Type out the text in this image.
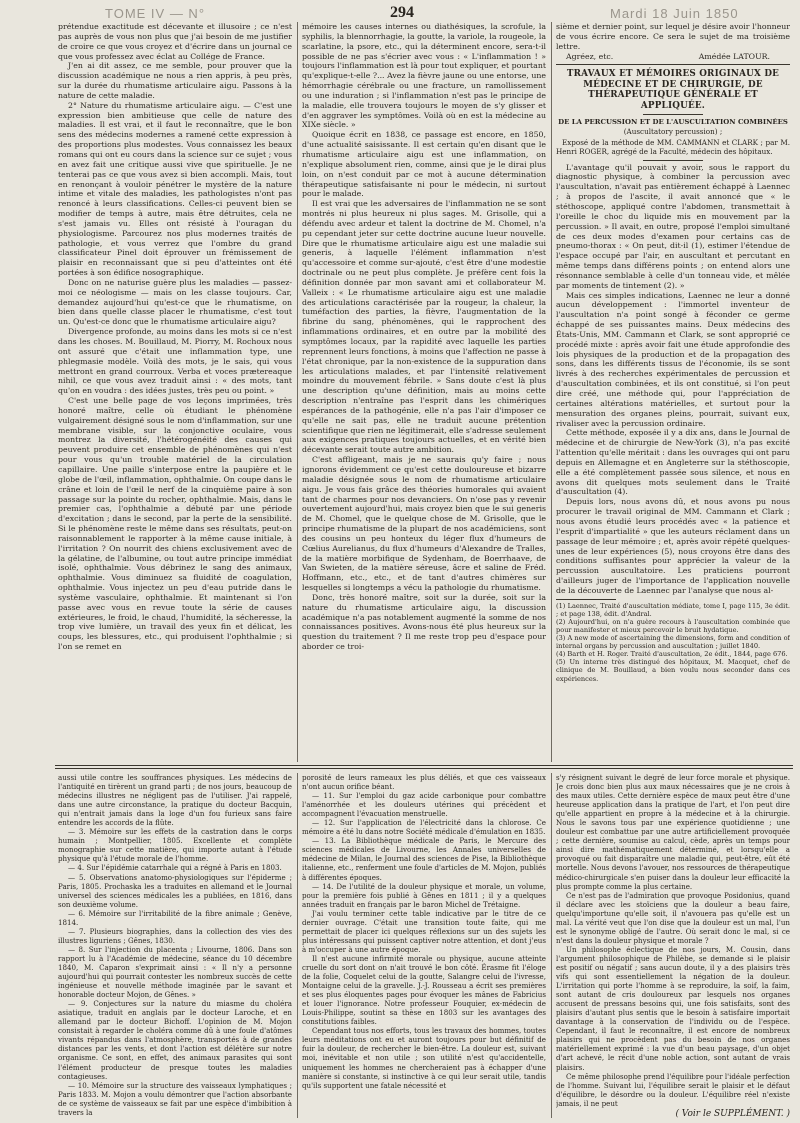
TOME IV — N°	294	Mardi 18 Juin 1850

prétendue exactitude est décevante et illusoire ; ce n'est pas auprès de vous non plus que j'ai besoin de me justifier de croire ce que vous croyez et d'écrire dans un journal ce que vous professez avec éclat au Collége de France.

J'en ai dit assez, ce me semble, pour prouver que la discussion académique ne nous a rien appris, à peu près, sur la durée du rhumatisme articulaire aigu. Passons à la nature de cette maladie.

2° Nature du rhumatisme articulaire aigu. — C'est une expression bien ambitieuse que celle de nature des maladies. Il est vrai, et il faut le reconnaître, que le bon sens des médecins modernes a ramené cette expression à des proportions plus modestes. Vous connaissez les beaux romans qui ont eu cours dans la science sur ce sujet ; vous en avez fait une critique aussi vive que spirituelle. Je ne tenterai pas ce que vous avez si bien accompli. Mais, tout en renonçant à vouloir pénétrer le mystère de la nature intime et vitale des maladies, les pathologistes n'ont pas renoncé à leurs classifications. Celles-ci peuvent bien se modifier de temps à autre, mais être détruites, cela ne s'est jamais vu. Elles ont résisté à l'ouragan du physiologisme. Parcourez nos plus modernes traités de pathologie, et vous verrez que l'ombre du grand classificateur Pinel doit éprouver un frémissement de plaisir en reconnaissant que si peu d'atteintes ont été portées à son édifice nosographique.

Donc on ne naturise guère plus les maladies — passez-moi ce néologisme — mais on les classe toujours. Car, demandez aujourd'hui qu'est-ce que le rhumatisme, on bien dans quelle classe placer le rhumatisme, c'est tout un. Qu'est-ce donc que le rhumatisme articulaire aigu?

Divergence profonde, au moins dans les mots si ce n'est dans les choses. M. Bouillaud, M. Piorry, M. Rochoux nous ont assuré que c'était une inflammation type, une phlegmasie modèle. Voilà des mots, je le sais, qui vous mettront en grand courroux. Verba et voces prætereaque nihil, ce que vous avez traduit ainsi : « des mots, tant qu'on en voudra : des idées justes, très peu ou point. »

C'est une belle page de vos leçons imprimées, très honoré maître, celle où étudiant le phénomène vulgairement désigné sous le nom d'inflammation, sur une membrane visible, sur la conjonctive oculaire, vous montrez la diversité, l'hétérogénéité des causes qui peuvent produire cet ensemble de phénomènes qui n'est pour vous qu'un trouble matériel de la circulation capillaire. Une paille s'interpose entre la paupière et le globe de l'œil, inflammation, ophthalmie. On coupe dans le crâne et loin de l'œil le nerf de la cinquième paire à son passage sur la pointe du rocher, ophthalmie. Mais, dans le premier cas, l'ophthalmie a débuté par une période d'excitation ; dans le second, par la perte de la sensibilité. Si le phénomène reste le même dans ses résultats, peut-on raisonnablement le rapporter à la même cause initiale, à l'irritation ? On nourrit des chiens exclusivement avec de la gélatine, de l'albumine, ou tout autre principe immédiat isolé, ophthalmie. Vous débrinez le sang des animaux, ophthalmie. Vous diminuez sa fluidité de coagulation, ophthalmie. Vous injectez un peu d'eau putride dans le système vasculaire, ophthalmie. Et maintenant si l'on passe avec vous en revue toute la série de causes extérieures, le froid, le chaud, l'humidité, la sécheresse, la trop vive lumière, un travail des yeux fin et délicat, les coups, les blessures, etc., qui produisent l'ophthalmie ; si l'on se remet en

mémoire les causes internes ou diathésiques, la scrofule, la syphilis, la blennorrhagie, la goutte, la variole, la rougeole, la scarlatine, la psore, etc., qui la déterminent encore, sera-t-il possible de ne pas s'écrier avec vous : « L'inflammation ! » toujours l'inflammation est là pour tout expliquer, et pourtant qu'explique-t-elle ?... Avez la fièvre jaune ou une entorse, une hémorrhagie cérébrale ou une fracture, un ramollissement ou une induration ; si l'inflammation n'est pas le principe de la maladie, elle trouvera toujours le moyen de s'y glisser et d'en aggraver les symptômes. Voilà où en est la médecine au XIXe siècle. »

Quoique écrit en 1838, ce passage est encore, en 1850, d'une actualité saisissante. Il est certain qu'en disant que le rhumatisme articulaire aigu est une inflammation, on n'explique absolument rien, comme, ainsi que je le dirai plus loin, on n'est conduit par ce mot à aucune détermination thérapeutique satisfaisante ni pour le médecin, ni surtout pour le malade.

Il est vrai que les adversaires de l'inflammation ne se sont montrés ni plus heureux ni plus sages. M. Grisolle, qui a défendu avec ardeur et talent la doctrine de M. Chomel, n'a pu cependant jeter sur cette doctrine aucune lueur nouvelle. Dire que le rhumatisme articulaire aigu est une maladie sui generis, à laquelle l'élément inflammation n'est qu'accessoire et comme sur-ajouté, c'est être d'une modestie doctrinale ou ne peut plus complète. Je préfère cent fois la définition donnée par mon savant ami et collaborateur M. Valleix : « Le rhumatisme articulaire aigu est une maladie des articulations caractérisée par la rougeur, la chaleur, la tuméfaction des parties, la fièvre, l'augmentation de la fibrine du sang, phénomènes, qui le rapprochent des inflammations ordinaires, et en outre par la mobilité des symptômes locaux, par la rapidité avec laquelle les parties reprennent leurs fonctions, à moins que l'affection ne passe à l'état chronique, par la non-existence de la suppuration dans les articulations malades, et par l'intensité relativement moindre du mouvement fébrile. » Sans doute c'est là plus une description qu'une définition, mais au moins cette description n'entraîne pas l'esprit dans les chimériques espérances de la pathogénie, elle n'a pas l'air d'imposer ce qu'elle ne sait pas, elle ne traduit aucune prétention scientifique que rien ne légitimerait, elle s'adresse seulement aux exigences pratiques toujours actuelles, et en vérité bien décevante serait toute autre ambition.

C'est affligeant, mais je ne saurais qu'y faire ; nous ignorons évidemment ce qu'est cette douloureuse et bizarre maladie désignée sous le nom de rhumatisme articulaire aigu. Je vous fais grâce des théories humorales qui avaient tant de charmes pour nos devanciers. On n'ose pas y revenir ouvertement aujourd'hui, mais croyez bien que le sui generis de M. Chomel, que le quelque chose de M. Grisolle, que le principe rhumatisme de la plupart de nos académiciens, sont des cousins un peu honteux du léger flux d'humeurs de Cœlius Aurelianus, du flux d'humeurs d'Alexandre de Tralles, de la matière morbifique de Sydenham, de Boerrhaave, de Van Swieten, de la matière séreuse, âcre et saline de Fréd. Hoffmann, etc., etc., et de tant d'autres chimères sur lesquelles si longtemps a vécu la pathologie du rhumatisme.

Donc, très honoré maître, soit sur la durée, soit sur la nature du rhumatisme articulaire aigu, la discussion académique n'a pas notablement augmenté la somme de nos connaissances positives. Avons-nous été plus heureux sur la question du traitement ? Il me reste trop peu d'espace pour aborder ce troi-

sième et dernier point, sur lequel je désire avoir l'honneur de vous écrire encore. Ce sera le sujet de ma troisième lettre.

Agréez, etc.	Amédée LATOUR.
TRAVAUX ET MÉMOIRES ORIGINAUX DE MÉDECINE ET DE CHIRURGIE, DE THÉRAPEUTIQUE GÉNÉRALE ET APPLIQUÉE.
DE LA PERCUSSION ET DE L'AUSCULTATION COMBINÉES
(Auscultatory percussion) ;

Exposé de la méthode de MM. CAMMANN et CLARK ; par M. Henri ROGER, agrégé de la Faculté, médecin des hôpitaux.

L'avantage qu'il pouvait y avoir, sous le rapport du diagnostic physique, à combiner la percussion avec l'auscultation, n'avait pas entièrement échappé à Laennec ; à propos de l'ascite, il avait annoncé que « le stéthoscope, appliqué contre l'abdomen, transmettait à l'oreille le choc du liquide mis en mouvement par la percussion. » Il avait, en outre, proposé l'emploi simultané de ces deux modes d'examen pour certains cas de pneumo-thorax : « On peut, dit-il (1), estimer l'étendue de l'espace occupé par l'air, en auscultant et percutant en même temps dans différens points ; on entend alors une résonnance semblable à celle d'un tonneau vide, et mêlée par moments de tintement (2). »

Mais ces simples indications, Laennec ne leur a donné aucun développement : l'immortel inventeur de l'auscultation n'a point songé à féconder ce germe échappé de ses puissantes mains. Deux médecins des États-Unis, MM. Cammann et Clark, se sont approprié ce procédé mixte : après avoir fait une étude approfondie des lois physiques de la production et de la propagation des sons, dans les différents tissus de l'économie, ils se sont livrés à des recherches expérimentales de percussion et d'auscultation combinées, et ils ont constitué, si l'on peut dire créé, une méthode qui, pour l'appréciation de certaines altérations matérielles, et surtout pour la mensuration des organes pleins, pourrait, suivant eux, rivaliser avec la percussion ordinaire.

Cette méthode, exposée il y a dix ans, dans le Journal de médecine et de chirurgie de New-York (3), n'a pas excité l'attention qu'elle méritait : dans les ouvrages qui ont paru depuis en Allemagne et en Angleterre sur la stéthoscopie, elle a été complètement passée sous silence, et nous en avons dit quelques mots seulement dans le Traité d'auscultation (4).

Depuis lors, nous avons dû, et nous avons pu nous procurer le travail original de MM. Cammann et Clark ; nous avons étudié leurs procédés avec « la patience et l'esprit d'impartialité » que les auteurs réclament dans un passage de leur mémoire ; et, après avoir répété quelques-unes de leur expériences (5), nous croyons être dans des conditions suffisantes pour apprécier la valeur de la percussion auscultatoire. Les praticiens pourront d'ailleurs juger de l'importance de l'application nouvelle de la découverte de Laennec par l'analyse que nous al-

(1) Laennec, Traité d'auscultation médiate, tome I, page 115, 3e édit. ; et page 138, édit. d'Andral.

(2) Aujourd'hui, on n'a guère recours à l'auscultation combinée que pour manifester et mieux percevoir le bruit hydatique.

(3) A new mode of ascertaining the dimensions, form and condition of internal organs by percussion and auscultation ; juillet 1840.

(4) Barth et H. Roger. Traité d'auscultation, 2e édit., 1844, page 676.

(5) Un interne très distingué des hôpitaux, M. Macquet, chef de clinique de M. Bouillaud, a bien voulu nous seconder dans ces expériences.

aussi utile contre les souffrances physiques. Les médecins de l'antiquité en tirèrent un grand parti ; de nos jours, beaucoup de médecins illustres ne négligent pas de l'utiliser. J'ai rappelé, dans une autre circonstance, la pratique du docteur Bacquin, qui n'entrait jamais dans la loge d'un fou furieux sans faire entendre les accords de la flûte.

— 3. Mémoire sur les effets de la castration dans le corps humain ; Montpellier, 1805. Excellente et complète monographie sur cette matière, qui importe autant à l'étude physique qu'à l'étude morale de l'homme.

— 4. Sur l'épidémie catarrhale qui a régné à Paris en 1803.

— 5. Observations anatomo-physiologiques sur l'épiderme ; Paris, 1805. Prochaska les a traduites en allemand et le Journal universel des sciences médicales les a publiées, en 1816, dans son deuxième volume.

— 6. Mémoire sur l'irritabilité de la fibre animale ; Genève, 1814.

— 7. Plusieurs biographies, dans la collection des vies des illustres liguriens ; Gênes, 1830.

— 8. Sur l'injection du placenta ; Livourne, 1806. Dans son rapport lu à l'Académie de médecine, séance du 10 décembre 1840, M. Caparon s'exprimait ainsi : « Il n'y a personne aujourd'hui qui pourrait contester les nombreux succès de cette ingénieuse et nouvelle méthode imaginée par le savant et honorable docteur Mojon, de Gênes. »

— 9. Conjectures sur la nature du miasme du choléra asiatique, traduit en anglais par le docteur Laroche, et en allemand par le docteur Bichoff. L'opinion de M. Mojon consistait à regarder le choléra comme dû à une foule d'atômes vivants répandus dans l'atmosphère, transportés à de grandes distances par les vents, et dont l'action est délétère sur notre organisme. Ce sont, en effet, des animaux parasites qui sont l'élément producteur de presque toutes les maladies contagieuses.

— 10. Mémoire sur la structure des vaisseaux lymphatiques ; Paris 1833. M. Mojon a voulu démontrer que l'action absorbante de ce système de vaisseaux se fait par une espèce d'imbibition à travers la

porosité de leurs rameaux les plus déliés, et que ces vaisseaux n'ont aucun orifice béant.

— 11. Sur l'emploi du gaz acide carbonique pour combattre l'aménorrhée et les douleurs utérines qui précèdent et accompagnent l'évacuation menstruelle.

— 12. Sur l'application de l'électricité dans la chlorose. Ce mémoire a été lu dans notre Société médicale d'émulation en 1835.

— 13. La Bibliothèque médicale de Paris, le Mercure des sciences médicales de Livourne, les Annales universelles de médecine de Milan, le Journal des sciences de Pise, la Bibliothèque italienne, etc., renferment une foule d'articles de M. Mojon, publiés à différentes époques.

— 14. De l'utilité de la douleur physique et morale, un volume, pour la première fois publié à Gênes en 1811 ; il y a quelques années traduit en français par le baron Michel de Trétaigne.

J'ai voulu terminer cette table indicative par le titre de ce dernier ouvrage. C'était une transition toute faite, qui me permettait de placer ici quelques réflexions sur un des sujets les plus intéressans qui puissent captiver notre attention, et dont j'eus à m'occuper à une autre époque.

Il n'est aucune infirmité morale ou physique, aucune atteinte cruelle du sort dont on n'ait trouvé le bon côté. Érasme fit l'éloge de la folie, Coquelet celui de la goutte, Salangre celui de l'ivresse, Montaigne celui de la gravelle. J.-J. Rousseau a écrit ses premières et ses plus éloquentes pages pour évoquer les mânes de Fabricius et louer l'ignorance. Notre professeur Fouquier, ex-médecin de Louis-Philippe, soutint sa thèse en 1803 sur les avantages des constitutions faibles.

Cependant tous nos efforts, tous les travaux des hommes, toutes leurs méditations ont eu et auront toujours pour but définitif de fuir la douleur, de rechercher le bien-être. La douleur est, suivant moi, inévitable et non utile ; son utilité n'est qu'accidentelle, uniquement les hommes ne chercheraient pas à échapper d'une manière si constante, si instinctive à ce qui leur serait utile, tandis qu'ils supportent une fatale nécessité et

s'y résignent suivant le degré de leur force morale et physique. Je crois donc bien plus aux maux nécessaires que je ne crois à des maux utiles. Cette dernière espèce de maux peut être d'une heureuse application dans la pratique de l'art, et l'on peut dire qu'elle appartient en propre à la médecine et à la chirurgie. Nous le savons tous par une expérience quotidienne ; une douleur est combattue par une autre artificiellement provoquée ; cette dernière, soumise au calcul, cède, après un temps pour ainsi dire mathématiquement déterminé, et lorsqu'elle a provoqué ou fait disparaître une maladie qui, peut-être, eût été mortelle. Nous devons l'avouer, nos ressources de thérapeutique médico-chirurgicale s'en puiser dans la douleur leur efficacité la plus prompte comme la plus certaine.

Ce n'est pas de l'admiration que provoque Posidonius, quand il déclare avec les stoïciens que la douleur a beau faire, quelqu'importune qu'elle soit, il n'avouera pas qu'elle est un mal. La vérité veut que l'on dise que la douleur est un mal, l'un est le synonyme obligé de l'autre. Où serait donc le mal, si ce n'est dans la douleur physique et morale ?

Un philosophe éclectique de nos jours, M. Cousin, dans l'argument philosophique de Philèbe, se demande si le plaisir est positif ou négatif ; sans aucun doute, il y a des plaisirs très vifs qui sont essentiellement la négation de la douleur. L'irritation qui porte l'homme à se reproduire, la soif, la faim, sont autant de cris douloureux par lesquels nos organes accusent de pressans besoins qui, une fois satisfaits, sont des plaisirs d'autant plus sentis que le besoin à satisfaire importait davantage à la conservation de l'individu ou de l'espèce. Cependant, il faut le reconnaître, il est encore de nombreux plaisirs qui ne procèdent pas du besoin de nos organes matériellement exprimé : la vue d'un beau paysage, d'un objet d'art achevé, le récit d'une noble action, sont autant de vrais plaisirs.

Ce même philosophe prend l'équilibre pour l'idéale perfection de l'homme. Suivant lui, l'équilibre serait le plaisir et le défaut d'équilibre, le désordre ou la douleur. L'équilibre réel n'existe jamais, il ne peut

( Voir le SUPPLÉMENT. )
